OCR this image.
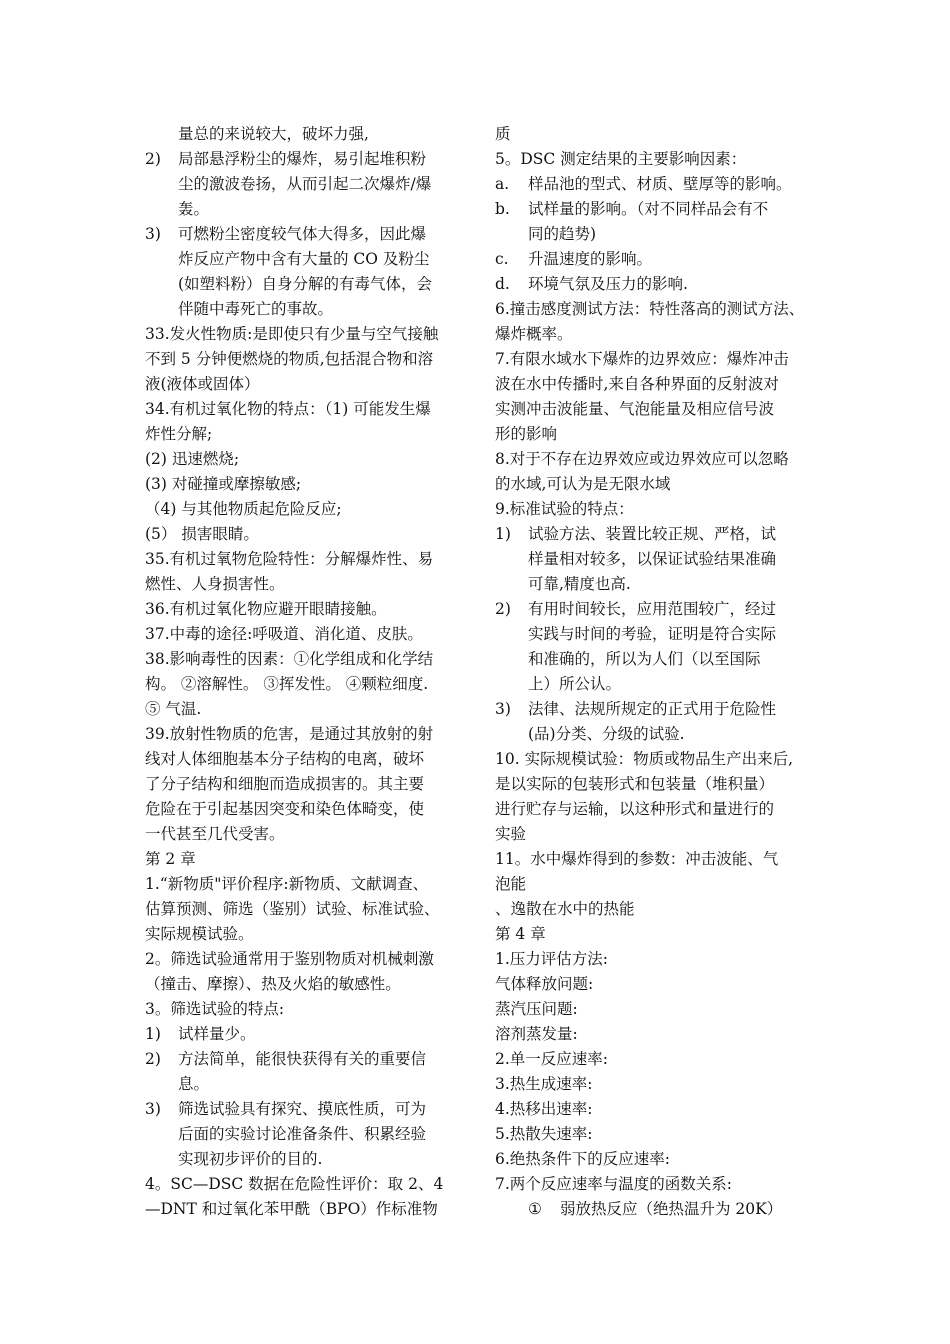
量总的来说较大，破坏力强,
2)	局部悬浮粉尘的爆炸，易引起堆积粉
尘的激波卷扬，从而引起二次爆炸/爆
轰。
3)	可燃粉尘密度较气体大得多，因此爆
炸反应产物中含有大量的 CO 及粉尘
(如塑料粉）自身分解的有毒气体，会
伴随中毒死亡的事故。
33.发火性物质:是即使只有少量与空气接触
不到 5 分钟便燃烧的物质,包括混合物和溶
液(液体或固体）
34.有机过氧化物的特点：（1) 可能发生爆
炸性分解;
(2) 迅速燃烧;
(3) 对碰撞或摩擦敏感;
（4) 与其他物质起危险反应;
(5） 损害眼睛。
35.有机过氧物危险特性：分解爆炸性、易
燃性、人身损害性。
36.有机过氧化物应避开眼睛接触。
37.中毒的途径:呼吸道、消化道、皮肤。
38.影响毒性的因素：①化学组成和化学结
构。 ②溶解性。 ③挥发性。 ④颗粒细度.
⑤ 气温.
39.放射性物质的危害，是通过其放射的射
线对人体细胞基本分子结构的电离，破坏
了分子结构和细胞而造成损害的。其主要
危险在于引起基因突变和染色体畸变，使
一代甚至几代受害。
第 2 章
1.“新物质"评价程序:新物质、文献调查、
估算预测、筛选（鉴别）试验、标准试验、
实际规模试验。
2。筛选试验通常用于鉴别物质对机械刺激
（撞击、摩擦）、热及火焰的敏感性。
3。筛选试验的特点:
1)	试样量少。
2)	方法简单，能很快获得有关的重要信
息。
3)	筛选试验具有探究、摸底性质，可为
后面的实验讨论准备条件、积累经验
实现初步评价的目的.
4。SC—DSC 数据在危险性评价：取 2、4
—DNT 和过氧化苯甲酰（BPO）作标准物
质
5。DSC 测定结果的主要影响因素：
a.	样品池的型式、材质、壁厚等的影响。
b.	试样量的影响。（对不同样品会有不
同的趋势)
c.	升温速度的影响。
d.	环境气氛及压力的影响.
6.撞击感度测试方法：特性落高的测试方法、
爆炸概率。
7.有限水域水下爆炸的边界效应：爆炸冲击
波在水中传播时,来自各种界面的反射波对
实测冲击波能量、气泡能量及相应信号波
形的影响
8.对于不存在边界效应或边界效应可以忽略
的水域,可认为是无限水域
9.标准试验的特点：
1)	试验方法、装置比较正规、严格，试
样量相对较多，以保证试验结果准确
可靠,精度也高.
2)	有用时间较长，应用范围较广，经过
实践与时间的考验，证明是符合实际
和准确的，所以为人们（以至国际
上）所公认。
3)	法律、法规所规定的正式用于危险性
(品)分类、分级的试验.
10. 实际规模试验：物质或物品生产出来后,
是以实际的包装形式和包装量（堆积量）
进行贮存与运输，以这种形式和量进行的
实验
11。水中爆炸得到的参数：冲击波能、气
泡能
、逸散在水中的热能
第 4 章
1.压力评估方法:
气体释放问题:
蒸汽压问题:
溶剂蒸发量:
2.单一反应速率:
3.热生成速率:
4.热移出速率:
5.热散失速率:
6.绝热条件下的反应速率:
7.两个反应速率与温度的函数关系:
①	弱放热反应（绝热温升为 20K）
